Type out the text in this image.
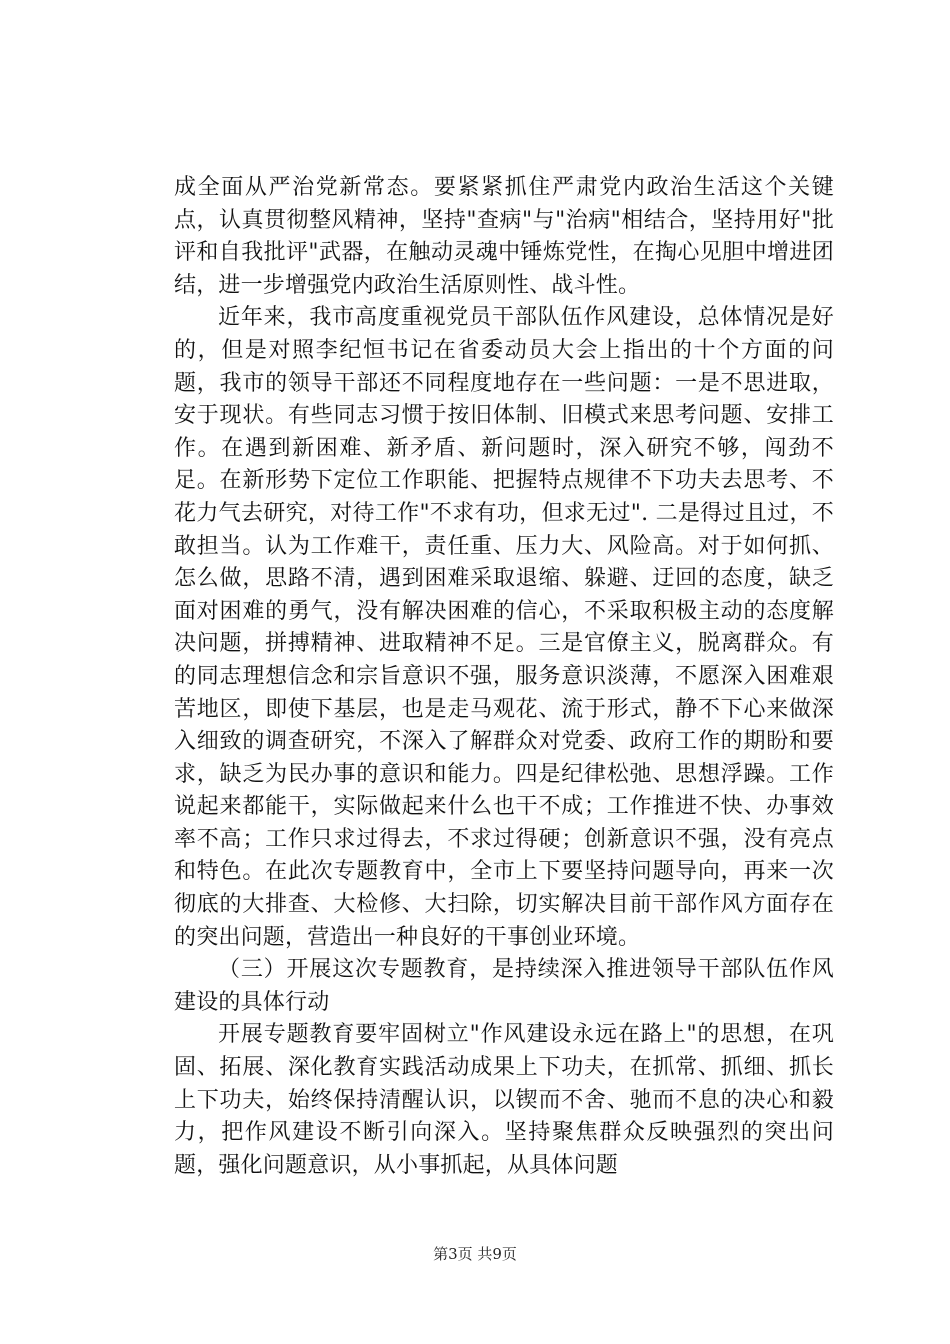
成全面从严治党新常态。要紧紧抓住严肃党内政治生活这个关键点，认真贯彻整风精神，坚持"查病"与"治病"相结合，坚持用好"批评和自我批评"武器，在触动灵魂中锤炼党性，在掏心见胆中增进团结，进一步增强党内政治生活原则性、战斗性。

近年来，我市高度重视党员干部队伍作风建设，总体情况是好的，但是对照李纪恒书记在省委动员大会上指出的十个方面的问题，我市的领导干部还不同程度地存在一些问题：一是不思进取，安于现状。有些同志习惯于按旧体制、旧模式来思考问题、安排工作。在遇到新困难、新矛盾、新问题时，深入研究不够，闯劲不足。在新形势下定位工作职能、把握特点规律不下功夫去思考、不花力气去研究，对待工作"不求有功，但求无过". 二是得过且过，不敢担当。认为工作难干，责任重、压力大、风险高。对于如何抓、怎么做，思路不清，遇到困难采取退缩、躲避、迂回的态度，缺乏面对困难的勇气，没有解决困难的信心，不采取积极主动的态度解决问题，拼搏精神、进取精神不足。三是官僚主义，脱离群众。有的同志理想信念和宗旨意识不强，服务意识淡薄，不愿深入困难艰苦地区，即使下基层，也是走马观花、流于形式，静不下心来做深入细致的调查研究，不深入了解群众对党委、政府工作的期盼和要求，缺乏为民办事的意识和能力。四是纪律松弛、思想浮躁。工作说起来都能干，实际做起来什么也干不成；工作推进不快、办事效率不高；工作只求过得去，不求过得硬；创新意识不强，没有亮点和特色。在此次专题教育中，全市上下要坚持问题导向，再来一次彻底的大排查、大检修、大扫除，切实解决目前干部作风方面存在的突出问题，营造出一种良好的干事创业环境。

（三）开展这次专题教育，是持续深入推进领导干部队伍作风建设的具体行动

开展专题教育要牢固树立"作风建设永远在路上"的思想，在巩固、拓展、深化教育实践活动成果上下功夫，在抓常、抓细、抓长上下功夫，始终保持清醒认识，以锲而不舍、驰而不息的决心和毅力，把作风建设不断引向深入。坚持聚焦群众反映强烈的突出问题，强化问题意识，从小事抓起，从具体问题

第3页 共9页
